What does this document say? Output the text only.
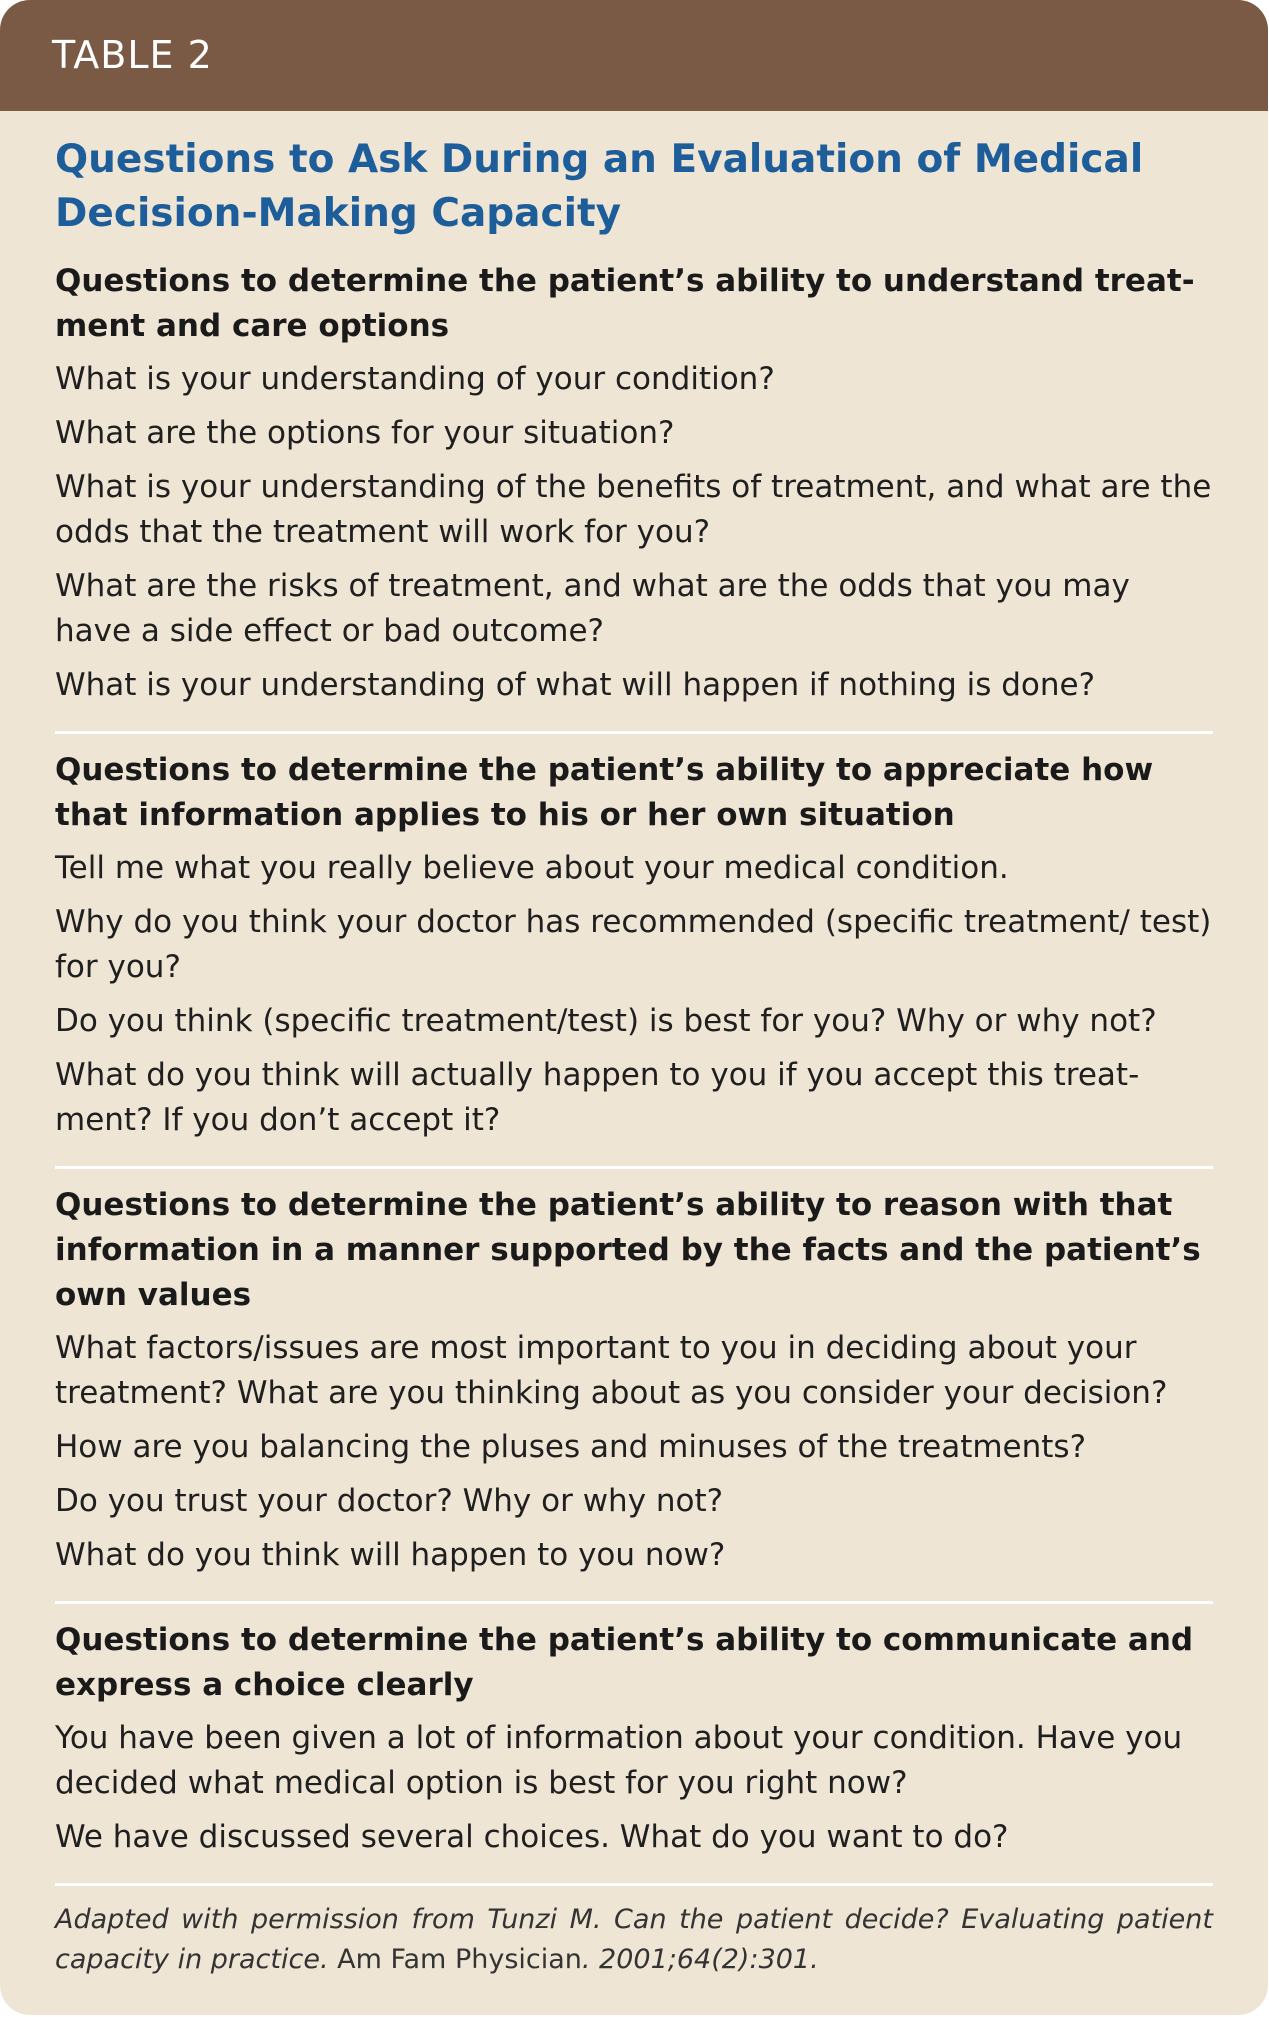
TABLE 2
Questions to Ask During an Evaluation of Medical Decision-Making Capacity
Questions to determine the patient’s ability to understand treatment and care options
What is your understanding of your condition?
What are the options for your situation?
What is your understanding of the benefits of treatment, and what are the odds that the treatment will work for you?
What are the risks of treatment, and what are the odds that you may have a side effect or bad outcome?
What is your understanding of what will happen if nothing is done?
Questions to determine the patient’s ability to appreciate how that information applies to his or her own situation
Tell me what you really believe about your medical condition.
Why do you think your doctor has recommended (specific treatment/ test) for you?
Do you think (specific treatment/test) is best for you? Why or why not?
What do you think will actually happen to you if you accept this treatment? If you don’t accept it?
Questions to determine the patient’s ability to reason with that information in a manner supported by the facts and the patient’s own values
What factors/issues are most important to you in deciding about your treatment? What are you thinking about as you consider your decision?
How are you balancing the pluses and minuses of the treatments?
Do you trust your doctor? Why or why not?
What do you think will happen to you now?
Questions to determine the patient’s ability to communicate and express a choice clearly
You have been given a lot of information about your condition. Have you decided what medical option is best for you right now?
We have discussed several choices. What do you want to do?

Adapted with permission from Tunzi M. Can the patient decide? Evaluating patient capacity in practice. Am Fam Physician. 2001;64(2):301.
